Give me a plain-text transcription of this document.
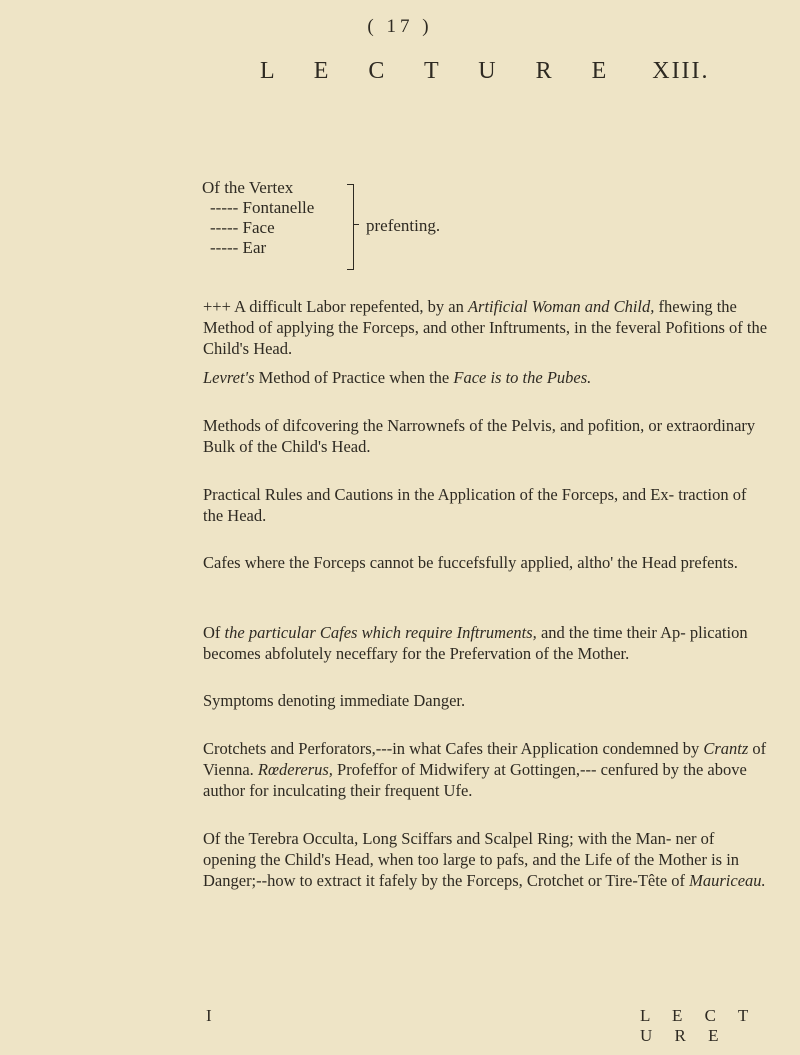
( 17 )
L E C T U R E XIII.
Of the Vertex
----- Fontanelle
----- Face
----- Ear
prefenting.
+++ A difficult Labor repefented, by an Artificial Woman and Child, fhewing the Method of applying the Forceps, and other Inftruments, in the feveral Pofitions of the Child's Head.
Levret's Method of Practice when the Face is to the Pubes.
Methods of difcovering the Narrownefs of the Pelvis, and pofition, or extraordinary Bulk of the Child's Head.
Practical Rules and Cautions in the Application of the Forceps, and Ex- traction of the Head.
Cafes where the Forceps cannot be fuccefsfully applied, altho' the Head prefents.
Of the particular Cafes which require Inftruments, and the time their Ap- plication becomes abfolutely neceffary for the Prefervation of the Mother.
Symptoms denoting immediate Danger.
Crotchets and Perforators,---in what Cafes their Application condemned by Crantz of Vienna. Rœdererus, Profeffor of Midwifery at Gottingen,--- cenfured by the above author for inculcating their frequent Ufe.
Of the Terebra Occulta, Long Sciffars and Scalpel Ring; with the Man- ner of opening the Child's Head, when too large to pafs, and the Life of the Mother is in Danger;--how to extract it fafely by the Forceps, Crotchet or Tire-Tête of Mauriceau.
I	L E C T U R E
